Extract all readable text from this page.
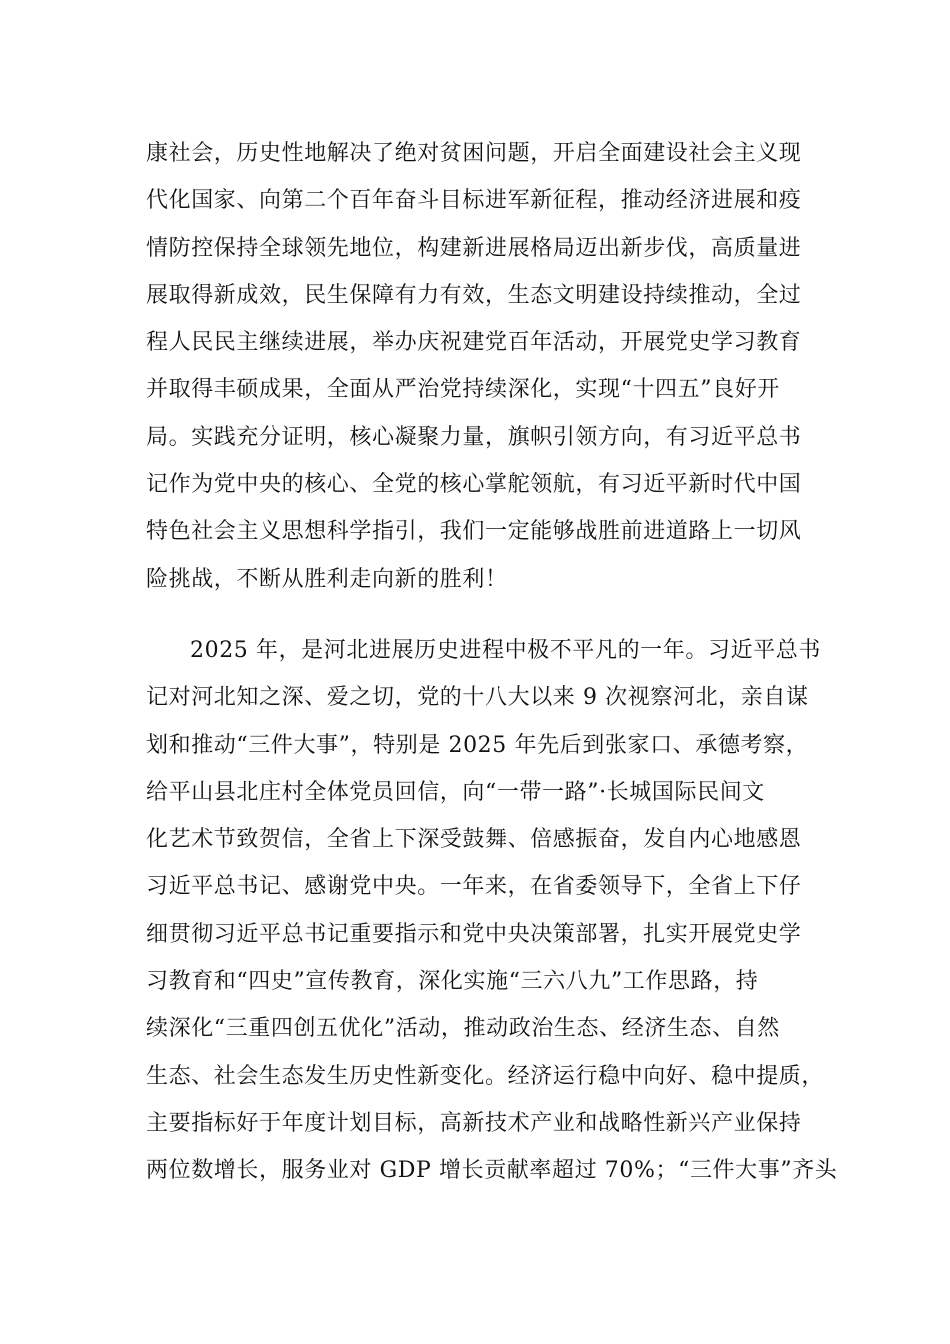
康社会，历史性地解决了绝对贫困问题，开启全面建设社会主义现
代化国家、向第二个百年奋斗目标进军新征程，推动经济进展和疫
情防控保持全球领先地位，构建新进展格局迈出新步伐，高质量进
展取得新成效，民生保障有力有效，生态文明建设持续推动，全过
程人民民主继续进展，举办庆祝建党百年活动，开展党史学习教育
并取得丰硕成果，全面从严治党持续深化，实现“十四五”良好开
局。实践充分证明，核心凝聚力量，旗帜引领方向，有习近平总书
记作为党中央的核心、全党的核心掌舵领航，有习近平新时代中国
特色社会主义思想科学指引，我们一定能够战胜前进道路上一切风
险挑战，不断从胜利走向新的胜利！
2025 年，是河北进展历史进程中极不平凡的一年。习近平总书
记对河北知之深、爱之切，党的十八大以来 9 次视察河北，亲自谋
划和推动“三件大事”，特别是 2025 年先后到张家口、承德考察，
给平山县北庄村全体党员回信，向“一带一路”·长城国际民间文
化艺术节致贺信，全省上下深受鼓舞、倍感振奋，发自内心地感恩
习近平总书记、感谢党中央。一年来，在省委领导下，全省上下仔
细贯彻习近平总书记重要指示和党中央决策部署，扎实开展党史学
习教育和“四史”宣传教育，深化实施“三六八九”工作思路，持
续深化“三重四创五优化”活动，推动政治生态、经济生态、自然
生态、社会生态发生历史性新变化。经济运行稳中向好、稳中提质，
主要指标好于年度计划目标，高新技术产业和战略性新兴产业保持
两位数增长，服务业对 GDP 增长贡献率超过 70%；“三件大事”齐头
